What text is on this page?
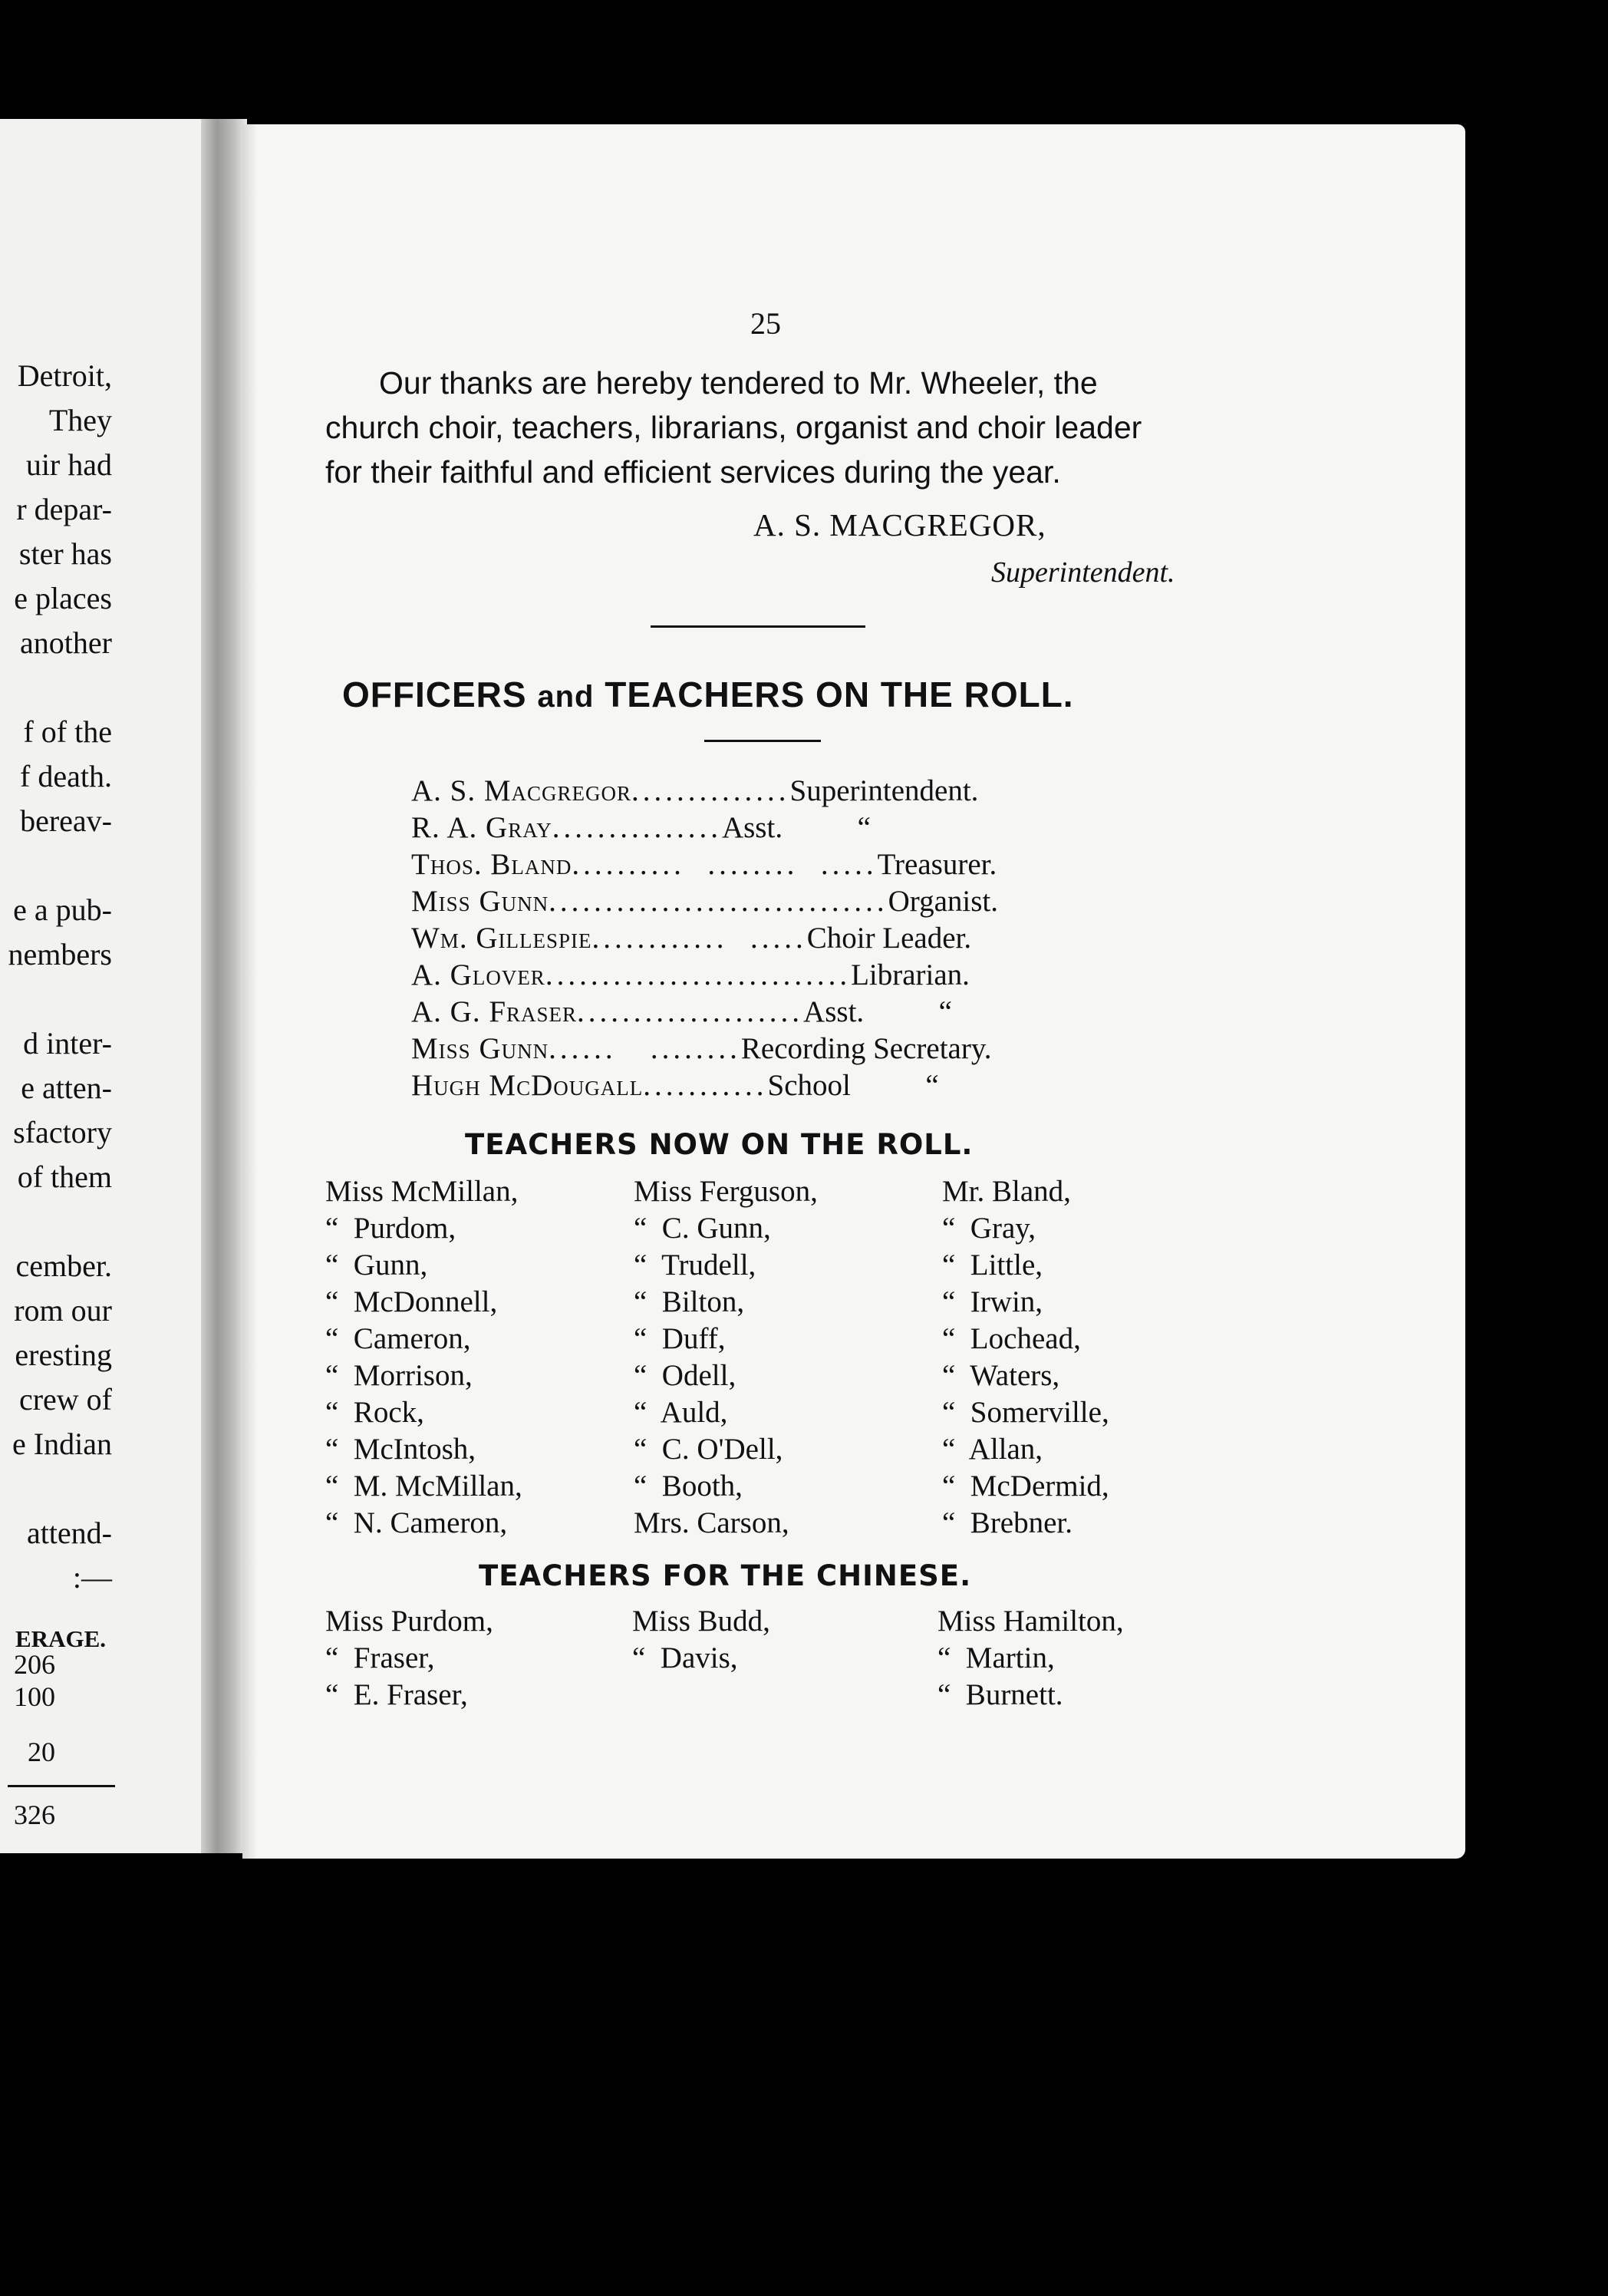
Detroit,
They
uir had
r depar-
ster has
e places
another
f of the
f death.
bereav-
e a pub-
nembers
d inter-
e atten-
sfactory
of them
cember.
rom our
eresting
crew of
e Indian
attend-
:—
ERAGE.
206
100
20
326
25
Our thanks are hereby tendered to Mr. Wheeler, the
church choir, teachers, librarians, organist and choir leader
for their faithful and efficient services during the year.
A. S. MACGREGOR,
Superintendent.
OFFICERS and TEACHERS ON THE ROLL.
A. S. Macgregor..............Superintendent.
R. A. Gray...............Asst.          “
Thos. Bland..........  ........  .....Treasurer.
Miss Gunn..............................Organist.
Wm. Gillespie............  .....Choir Leader.
A. Glover...........................Librarian.
A. G. Fraser....................Asst.          “
Miss Gunn......   ........Recording Secretary.
Hugh McDougall...........School          “
TEACHERS NOW ON THE ROLL.
Miss McMillan,
“  Purdom,
“  Gunn,
“  McDonnell,
“  Cameron,
“  Morrison,
“  Rock,
“  McIntosh,
“  M. McMillan,
“  N. Cameron,
Miss Ferguson,
“  C. Gunn,
“  Trudell,
“  Bilton,
“  Duff,
“  Odell,
“  Auld,
“  C. O'Dell,
“  Booth,
Mrs. Carson,
Mr. Bland,
“  Gray,
“  Little,
“  Irwin,
“  Lochead,
“  Waters,
“  Somerville,
“  Allan,
“  McDermid,
“  Brebner.
TEACHERS FOR THE CHINESE.
Miss Purdom,
“  Fraser,
“  E. Fraser,
Miss Budd,
“  Davis,
Miss Hamilton,
“  Martin,
“  Burnett.
